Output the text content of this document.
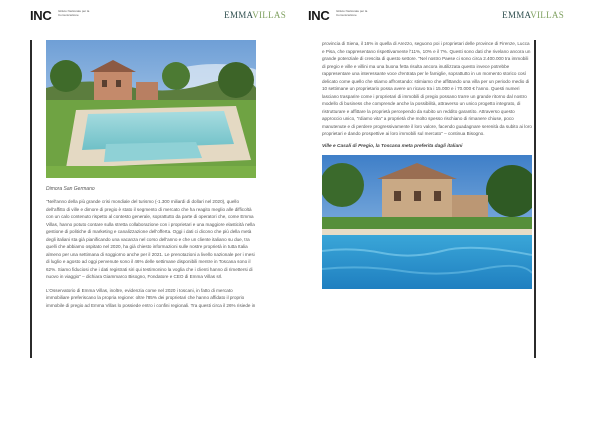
INC Istituto Nazionale per la Comunicazione	EMMAVILLAS
Dimora San Germano

"Nell'anno della più grande crisi mondiale del turismo (-1.300 miliardi di dollari nel 2020), quello dell'affitto di ville e dimore di pregio è stato il segmento di mercato che ha reagito meglio alle difficoltà con un calo contenuto rispetto al contesto generale, soprattutto da parte di operatori che, come Emma Villas, hanno potuto contare sulla stretta collaborazione con i proprietari e una maggiore elasticità nella gestione di politiche di marketing e canalizzazione dell'offerta. Oggi i dati ci dicono che più della metà degli italiani sta già pianificando una vacanza nel corso dell'anno e che un cliente italiano su due, tra quelli che abbiamo ospitato nel 2020, ha già chiesto informazioni sulle nostre proprietà in tutta Italia almeno per una settimana di soggiorno anche per il 2021. Le prenotazioni a livello nazionale per i mesi di luglio e agosto ad oggi pervenute sono il 46% delle settimane disponibili mentre in Toscana sono il 62%. Siamo fiduciosi che i dati registrati siri qui testimonino la voglia che i clienti hanno di rimettersi di nuovo in viaggio" – dichiara Giammarco Bisogno, Fondatore e CEO di Emma Villas srl.

L'Osservatorio di Emma Villas, inoltre, evidenzia come nel 2020 i toscani, in fatto di mercato immobiliare preferiscano la propria regione: oltre l'85% dei proprietari che hanno affidato il proprio immobile di pregio ad Emma Villas lo possiede entro i confini regionali. Tra questi circa il 26% risiede in

INC Istituto Nazionale per la Comunicazione	EMMAVILLAS

provincia di Siena, il 16% in quella di Arezzo, seguono poi i proprietari delle province di Firenze, Lucca e Pisa, che rappresentano rispettivamente l'11%, 10% e il 7%. Questi sono dati che rivelano ancora un grande potenziale di crescita di questo settore. "Nel nostro Paese ci sono circa 2.400.000 tra immobili di pregio e ville e villini ma una buona fetta risulta ancora inutilizzata questo invece potrebbe rappresentare una interessante voce d'entrata per le famiglie, soprattutto in un momento storico così delicato come quello che stiamo affrontando: stimiamo che affittando una villa per un periodo medio di 10 settimane un proprietario possa avere un ricavo tra i 15.000 e i 70.000 € l'anno. Questi numeri lasciano trasparire come i proprietari di immobili di pregio possano trarre un grande ritorno dal nostro modello di business che comprende anche la possibilità, attraverso un unico progetto integrato, di ristrutturare e affittare la proprietà percependo da subito un reddito garantito. Attraverso questo approccio unico, "rdiamo vita" a proprietà che molto spesso rischiano di rimanere chiuse, poco manutenute e di perdere progressivamente il loro valore, facendo guadagnare serenità da subito ai loro proprietari e dando prospettive ai loro immobili sul mercato" – continua Bisogno.

Ville e Casali di Pregio, la Toscana meta preferita dagli italiani
